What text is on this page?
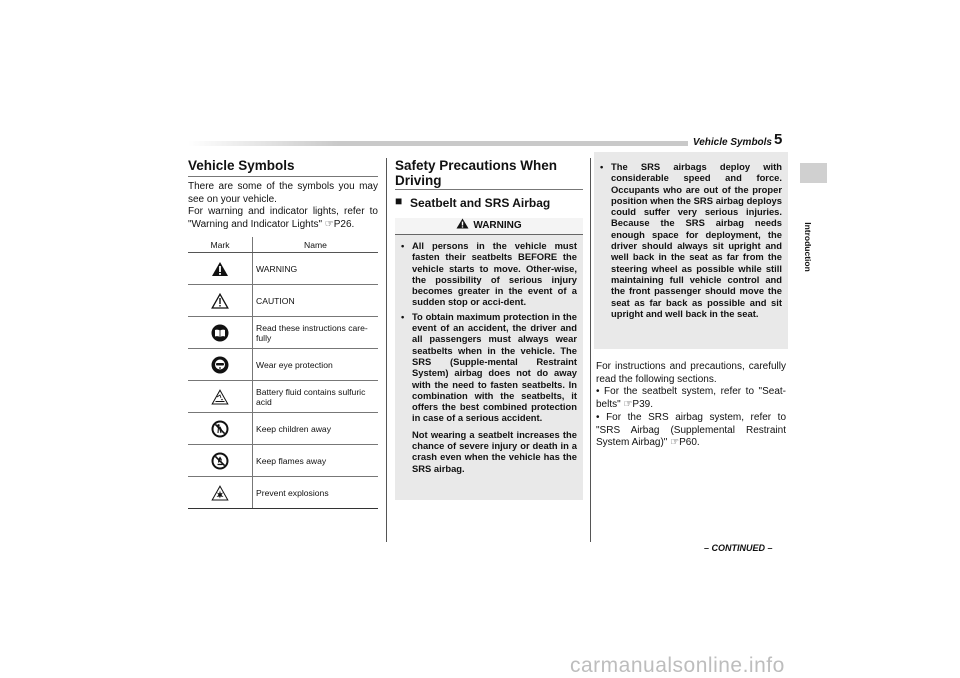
Vehicle Symbols 5
Introduction
Vehicle Symbols
There are some of the symbols you may see on your vehicle.
For warning and indicator lights, refer to "Warning and Indicator Lights" ☞P26.
Mark	Name

	WARNING

	CAUTION

	Read these instructions care-fully

	Wear eye protection

	Battery fluid contains sulfuric acid

	Keep children away

	Keep flames away

	Prevent explosions
Safety Precautions When Driving
■ Seatbelt and SRS Airbag
WARNING
• All persons in the vehicle must fasten their seatbelts BEFORE the vehicle starts to move. Other-wise, the possibility of serious injury becomes greater in the event of a sudden stop or acci-dent.
• To obtain maximum protection in the event of an accident, the driver and all passengers must always wear seatbelts when in the vehicle. The SRS (Supple-mental Restraint System) airbag does not do away with the need to fasten seatbelts. In combination with the seatbelts, it offers the best combined protection in case of a serious accident.
Not wearing a seatbelt increases the chance of severe injury or death in a crash even when the vehicle has the SRS airbag.
• The SRS airbags deploy with considerable speed and force. Occupants who are out of the proper position when the SRS airbag deploys could suffer very serious injuries. Because the SRS airbag needs enough space for deployment, the driver should always sit upright and well back in the seat as far from the steering wheel as possible while still maintaining full vehicle control and the front passenger should move the seat as far back as possible and sit upright and well back in the seat.
For instructions and precautions, carefully read the following sections.
• For the seatbelt system, refer to "Seat-belts" ☞P39.
• For the SRS airbag system, refer to "SRS Airbag (Supplemental Restraint System Airbag)" ☞P60.
– CONTINUED –
carmanualsonline.info
